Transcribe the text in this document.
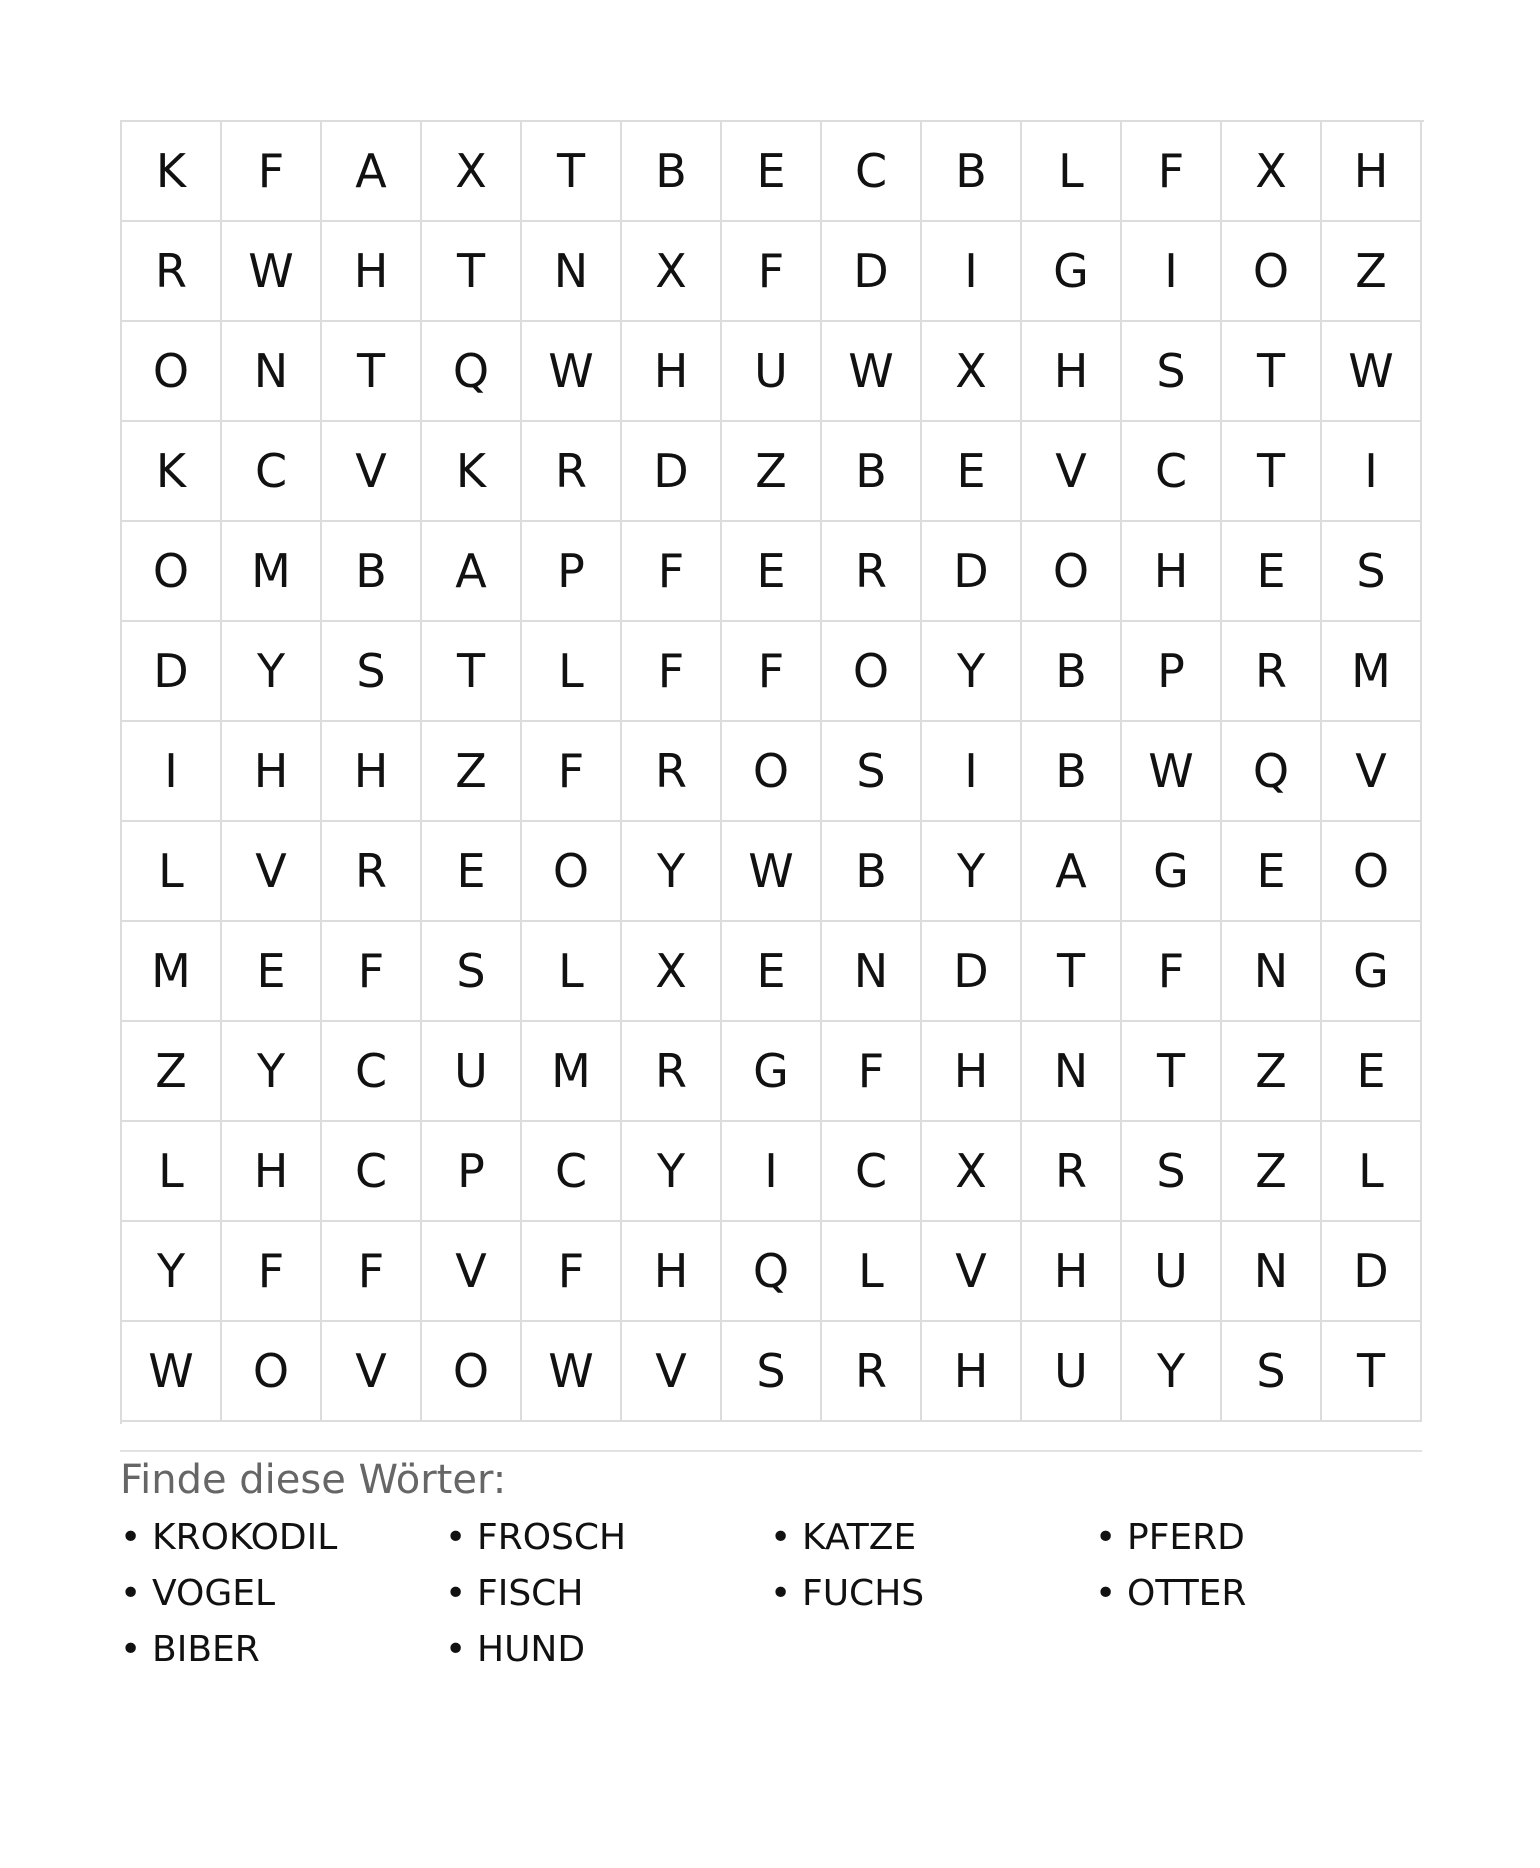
K	F	A	X	T	B	E	C	B	L	F	X	H
R	W	H	T	N	X	F	D	I	G	I	O	Z
O	N	T	Q	W	H	U	W	X	H	S	T	W
K	C	V	K	R	D	Z	B	E	V	C	T	I
O	M	B	A	P	F	E	R	D	O	H	E	S
D	Y	S	T	L	F	F	O	Y	B	P	R	M
I	H	H	Z	F	R	O	S	I	B	W	Q	V
L	V	R	E	O	Y	W	B	Y	A	G	E	O
M	E	F	S	L	X	E	N	D	T	F	N	G
Z	Y	C	U	M	R	G	F	H	N	T	Z	E
L	H	C	P	C	Y	I	C	X	R	S	Z	L
Y	F	F	V	F	H	Q	L	V	H	U	N	D
W	O	V	O	W	V	S	R	H	U	Y	S	T
Finde diese Wörter:
• KROKODIL	• FROSCH	• KATZE	• PFERD
• VOGEL	• FISCH	• FUCHS	• OTTER
• BIBER	• HUND
